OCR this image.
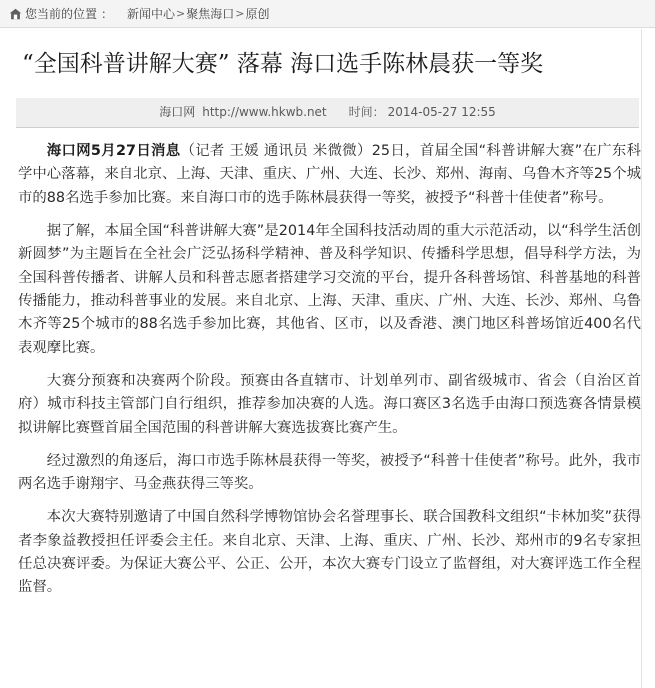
您当前的位置 ： 新闻中心 > 聚焦海口 > 原创
“全国科普讲解大赛” 落幕 海口选手陈林晨获一等奖
海口网 http://www.hkwb.net 时间： 2014-05-27 12:55

海口网5月27日消息（记者 王媛 通讯员 米微微）25日，首届全国“科普讲解大赛”在广东科学中心落幕，来自北京、上海、天津、重庆、广州、大连、长沙、郑州、海南、乌鲁木齐等25个城市的88名选手参加比赛。来自海口市的选手陈林晨获得一等奖，被授予“科普十佳使者”称号。

据了解，本届全国“科普讲解大赛”是2014年全国科技活动周的重大示范活动，以“科学生活创新圆梦”为主题旨在全社会广泛弘扬科学精神、普及科学知识、传播科学思想，倡导科学方法，为全国科普传播者、讲解人员和科普志愿者搭建学习交流的平台，提升各科普场馆、科普基地的科普传播能力，推动科普事业的发展。来自北京、上海、天津、重庆、广州、大连、长沙、郑州、乌鲁木齐等25个城市的88名选手参加比赛，其他省、区市，以及香港、澳门地区科普场馆近400名代表观摩比赛。

大赛分预赛和决赛两个阶段。预赛由各直辖市、计划单列市、副省级城市、省会（自治区首府）城市科技主管部门自行组织，推荐参加决赛的人选。海口赛区3名选手由海口预选赛各情景模拟讲解比赛暨首届全国范围的科普讲解大赛选拔赛比赛产生。

经过激烈的角逐后，海口市选手陈林晨获得一等奖，被授予“科普十佳使者”称号。此外，我市两名选手谢翔宇、马金燕获得三等奖。

本次大赛特别邀请了中国自然科学博物馆协会名誉理事长、联合国教科文组织“卡林加奖”获得者李象益教授担任评委会主任。来自北京、天津、上海、重庆、广州、长沙、郑州市的9名专家担任总决赛评委。为保证大赛公平、公正、公开，本次大赛专门设立了监督组，对大赛评选工作全程监督。
